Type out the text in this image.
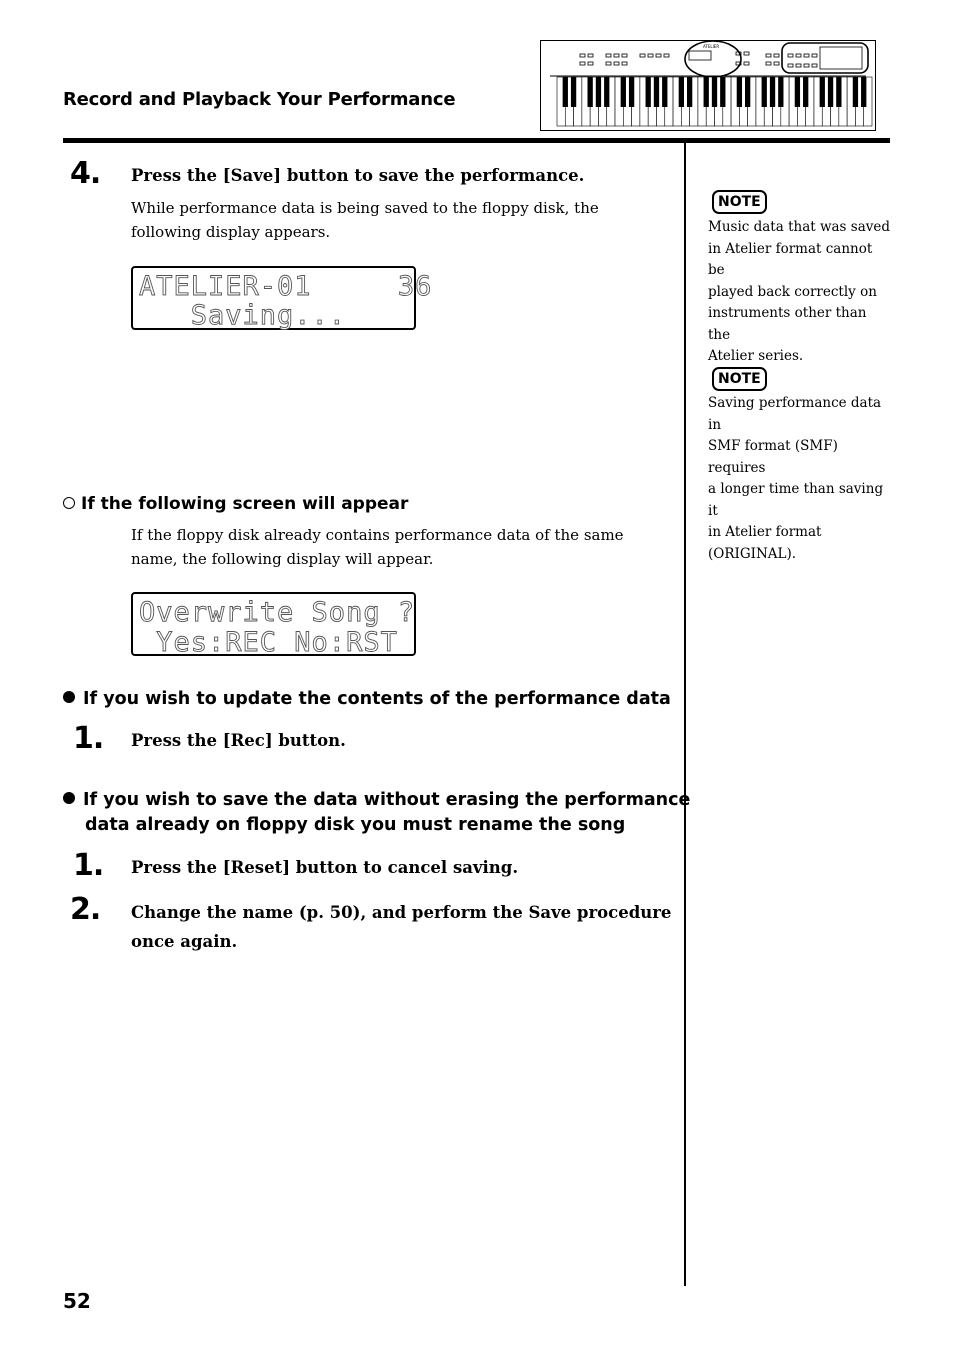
Record and Playback Your Performance
ATELIER
4. Press the [Save] button to save the performance.
While performance data is being saved to the floppy disk, the following display appears.
ATELIER-01     36
Saving...
If the following screen will appear
If the floppy disk already contains performance data of the same name, the following display will appear.
Overwrite Song ?
Yes:REC No:RST
If you wish to update the contents of the performance data
1. Press the [Rec] button.
If you wish to save the data without erasing the performance
data already on floppy disk you must rename the song
1. Press the [Reset] button to cancel saving.
2. Change the name (p. 50), and perform the Save procedure
once again.
NOTE
Music data that was saved
in Atelier format cannot be
played back correctly on
instruments other than the
Atelier series.
NOTE
Saving performance data in
SMF format (SMF) requires
a longer time than saving it
in Atelier format
(ORIGINAL).
52
